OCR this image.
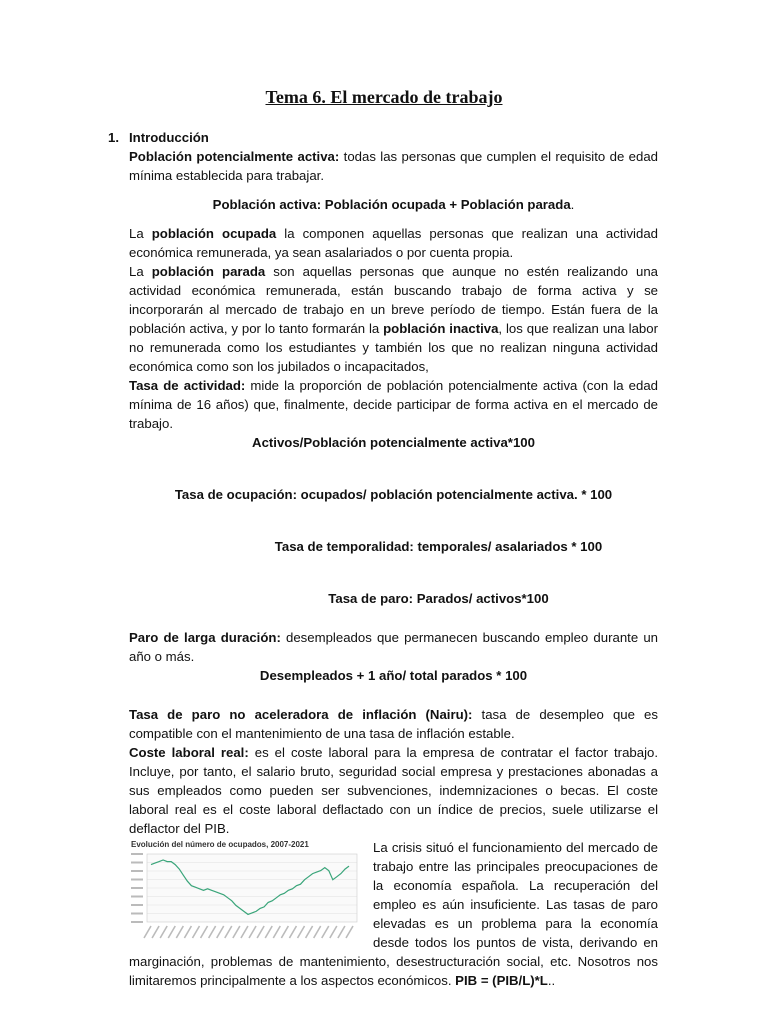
Tema 6. El mercado de trabajo

1. Introducción

Población potencialmente activa: todas las personas que cumplen el requisito de edad mínima establecida para trabajar.

Población activa: Población ocupada + Población parada.

La población ocupada la componen aquellas personas que realizan una actividad económica remunerada, ya sean asalariados o por cuenta propia.

La población parada son aquellas personas que aunque no estén realizando una actividad económica remunerada, están buscando trabajo de forma activa y se incorporarán al mercado de trabajo en un breve período de tiempo. Están fuera de la población activa, y por lo tanto formarán la población inactiva, los que realizan una labor no remunerada como los estudiantes y también los que no realizan ninguna actividad económica como son los jubilados o incapacitados,

Tasa de actividad: mide la proporción de población potencialmente activa (con la edad mínima de 16 años) que, finalmente, decide participar de forma activa en el mercado de trabajo.

Activos/Población potencialmente activa*100

Tasa de ocupación: ocupados/ población potencialmente activa. * 100

Tasa de temporalidad: temporales/ asalariados * 100

Tasa de paro: Parados/ activos*100

Paro de larga duración: desempleados que permanecen buscando empleo durante un año o más.

Desempleados + 1 año/ total parados * 100

Tasa de paro no aceleradora de inflación (Nairu): tasa de desempleo que es compatible con el mantenimiento de una tasa de inflación estable.

Coste laboral real: es el coste laboral para la empresa de contratar el factor trabajo. Incluye, por tanto, el salario bruto, seguridad social empresa y prestaciones abonadas a sus empleados como pueden ser subvenciones, indemnizaciones o becas. El coste laboral real es el coste laboral deflactado con un índice de precios, suele utilizarse el deflactor del PIB.

Evolución del número de ocupados, 2007-2021	La crisis situó el funcionamiento del mercado de trabajo entre las principales preocupaciones de la economía española. La recuperación del empleo es aún insuficiente. Las tasas de paro elevadas es un problema para la economía desde todos los puntos de vista, derivando en marginación, problemas de mantenimiento, desestructuración social, etc. Nosotros nos limitaremos principalmente a los aspectos económicos. PIB = (PIB/L)*L..
